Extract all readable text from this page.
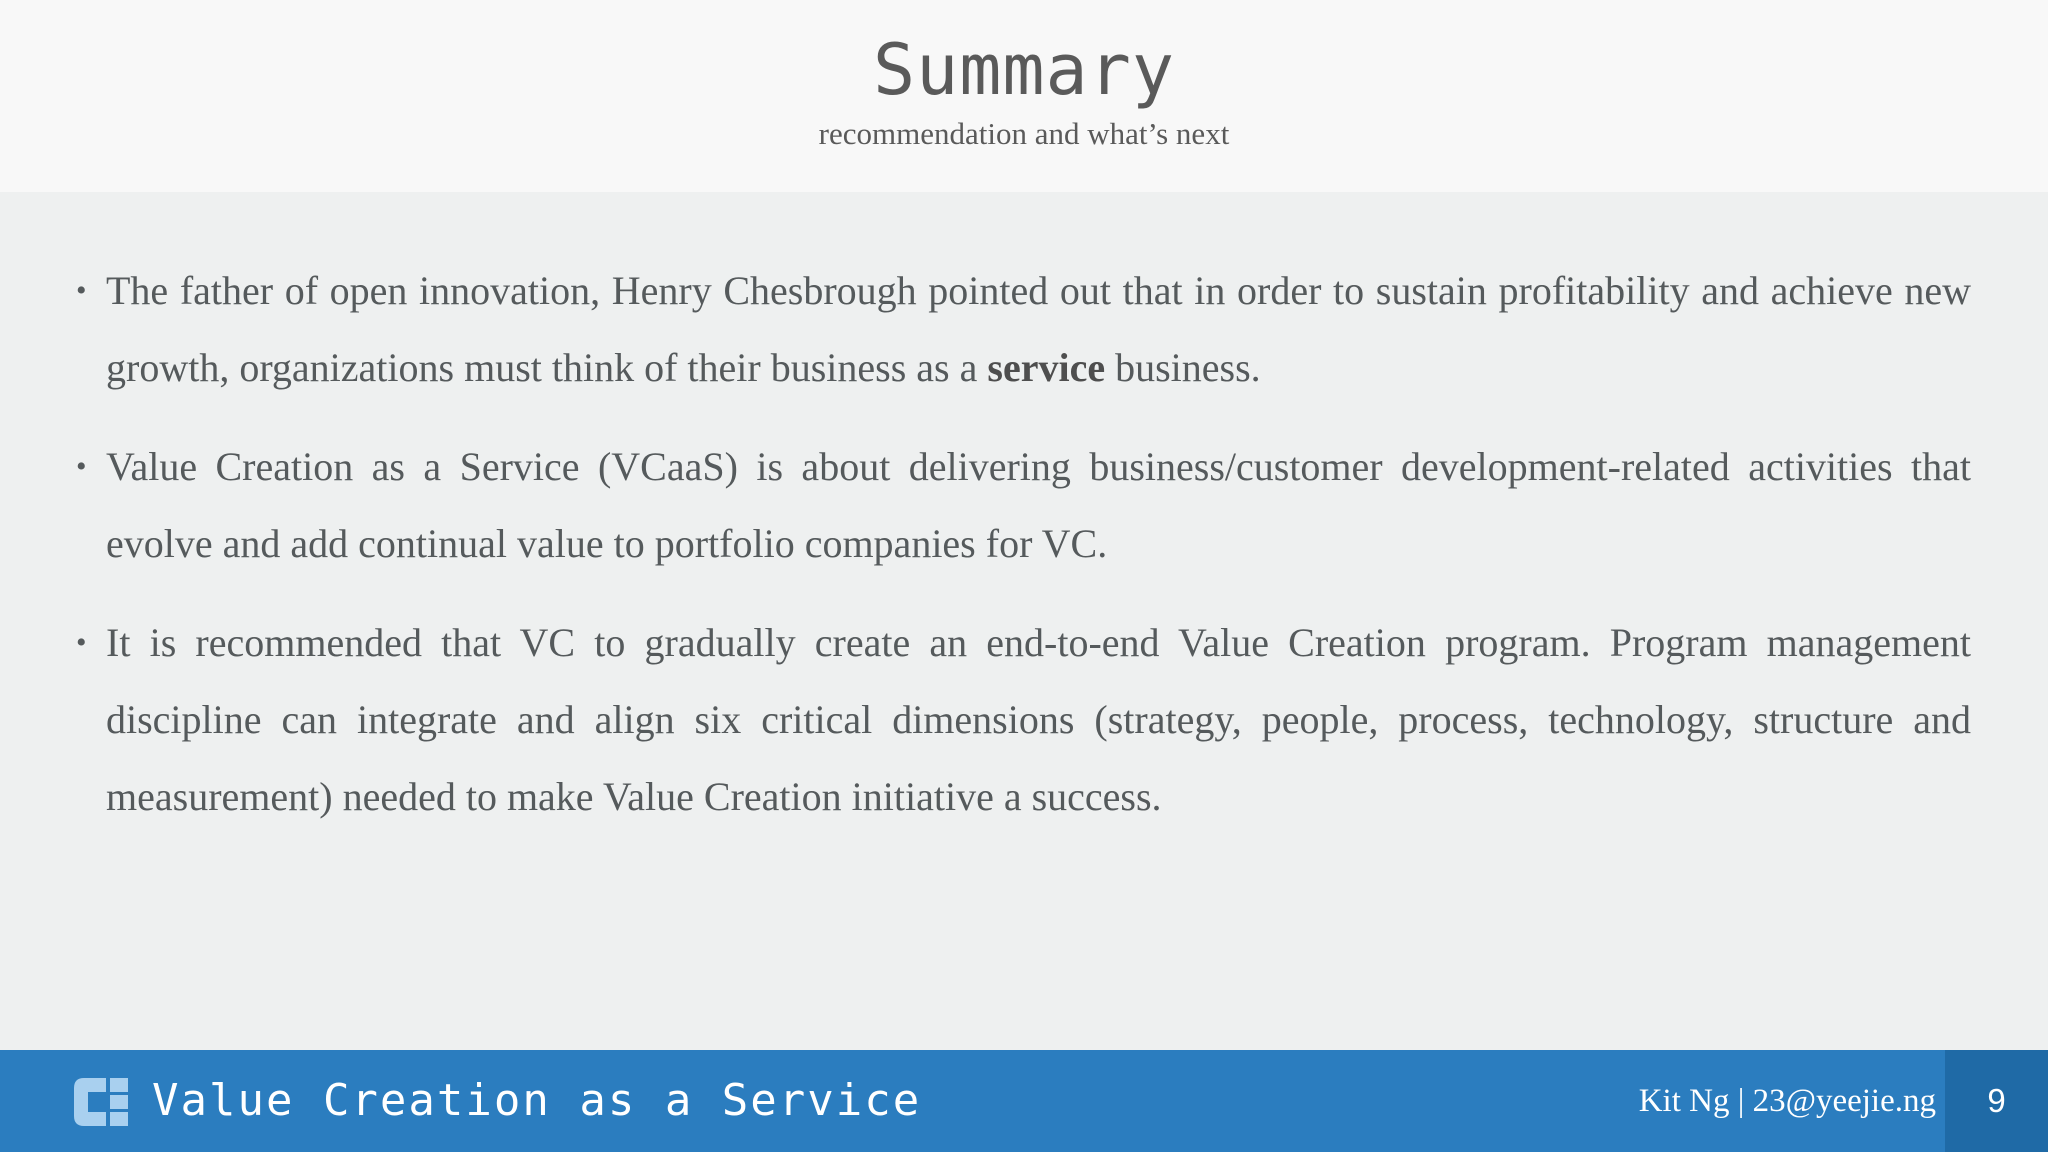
Summary
recommendation and what’s next
• The father of open innovation, Henry Chesbrough pointed out that in order to sustain profitability and achieve new growth, organizations must think of their business as a service business.
• Value Creation as a Service (VCaaS) is about delivering business/customer development-related activities that evolve and add continual value to portfolio companies for VC.
• It is recommended that VC to gradually create an end-to-end Value Creation program. Program management discipline can integrate and align six critical dimensions (strategy, people, process, technology, structure and measurement) needed to make Value Creation initiative a success.
Value Creation as a Service	Kit Ng | 23@yeejie.ng	9
